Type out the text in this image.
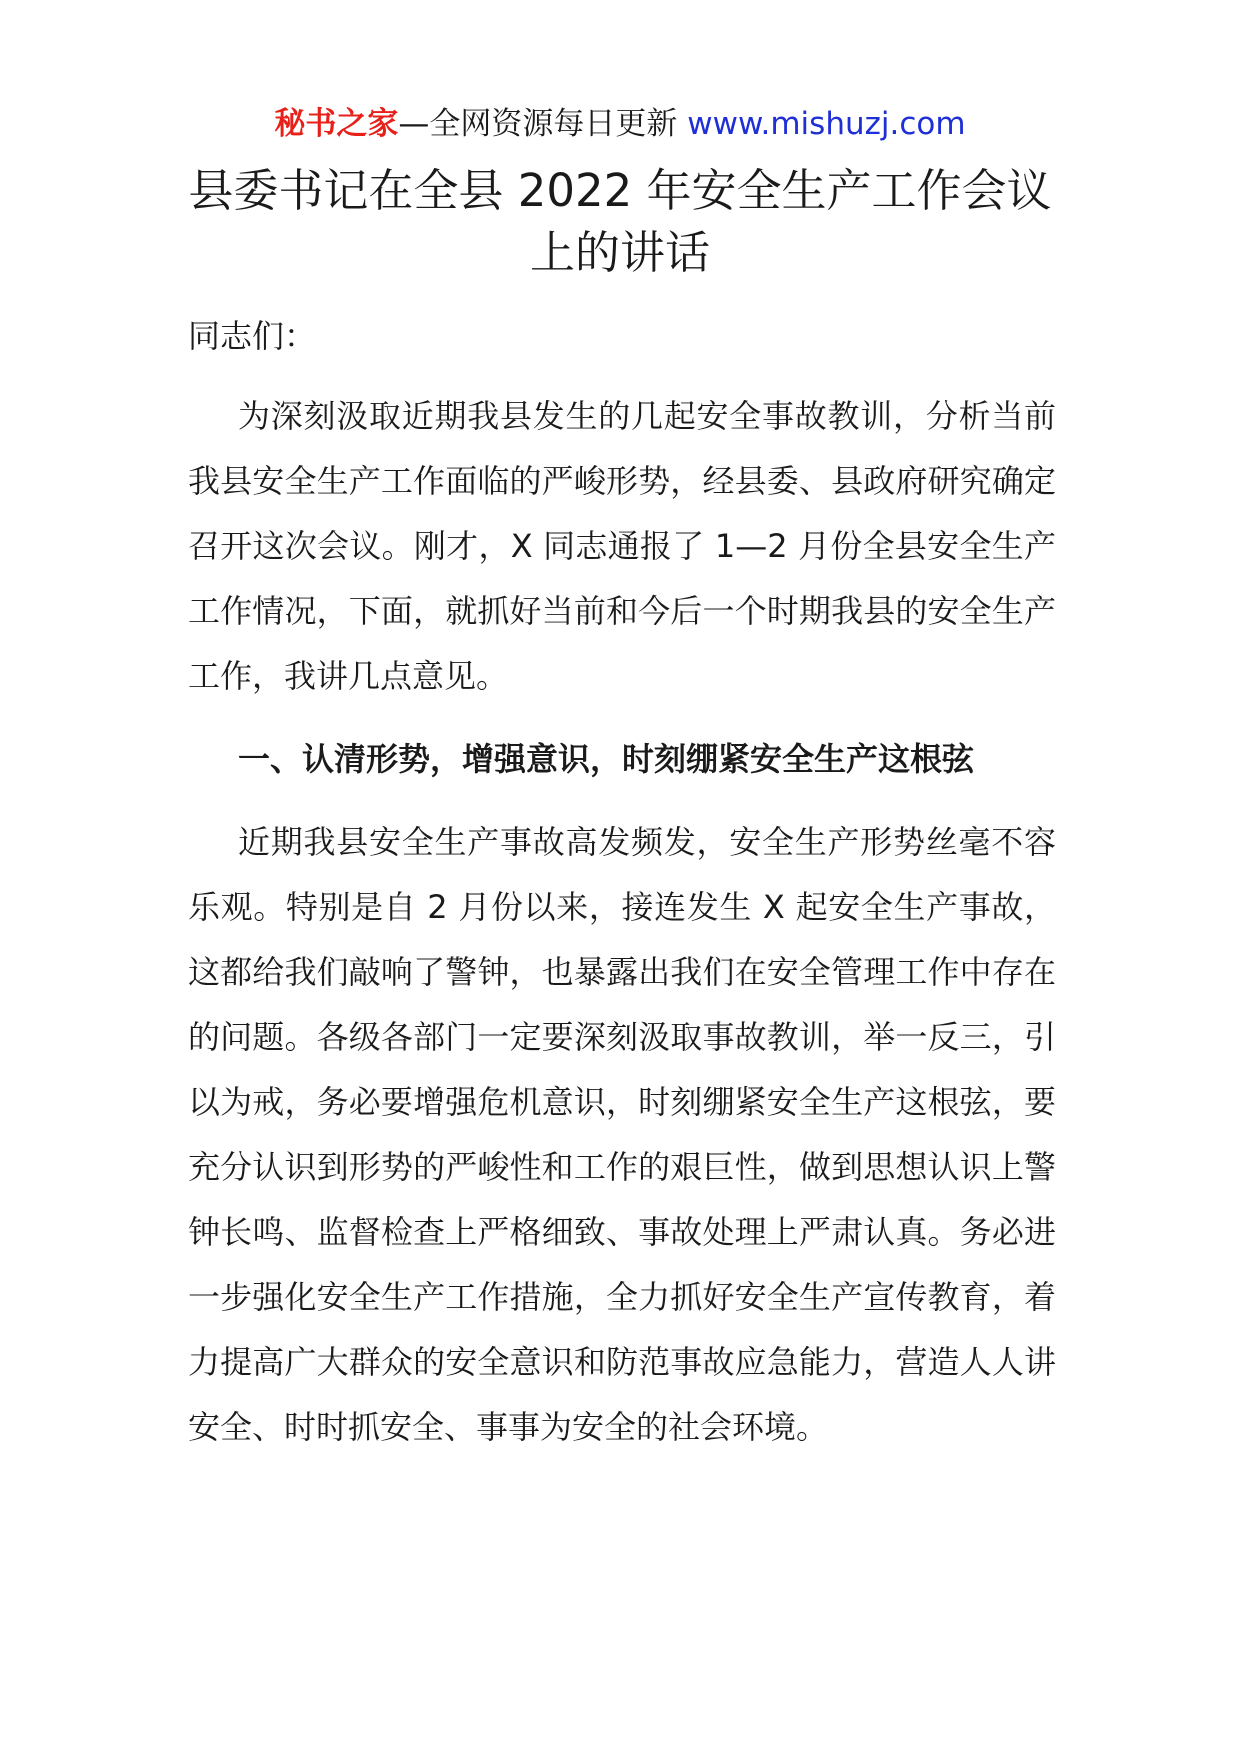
秘书之家—全网资源每日更新 www.mishuzj.com
县委书记在全县 2022 年安全生产工作会议
上的讲话
同志们：
为深刻汲取近期我县发生的几起安全事故教训，分析当前我县安全生产工作面临的严峻形势，经县委、县政府研究确定召开这次会议。刚才，X 同志通报了 1—2 月份全县安全生产工作情况，下面，就抓好当前和今后一个时期我县的安全生产工作，我讲几点意见。
一、认清形势，增强意识，时刻绷紧安全生产这根弦
近期我县安全生产事故高发频发，安全生产形势丝毫不容乐观。特别是自 2 月份以来，接连发生 X 起安全生产事故，这都给我们敲响了警钟，也暴露出我们在安全管理工作中存在的问题。各级各部门一定要深刻汲取事故教训，举一反三，引以为戒，务必要增强危机意识，时刻绷紧安全生产这根弦，要充分认识到形势的严峻性和工作的艰巨性，做到思想认识上警钟长鸣、监督检查上严格细致、事故处理上严肃认真。务必进一步强化安全生产工作措施，全力抓好安全生产宣传教育，着力提高广大群众的安全意识和防范事故应急能力，营造人人讲安全、时时抓安全、事事为安全的社会环境。
